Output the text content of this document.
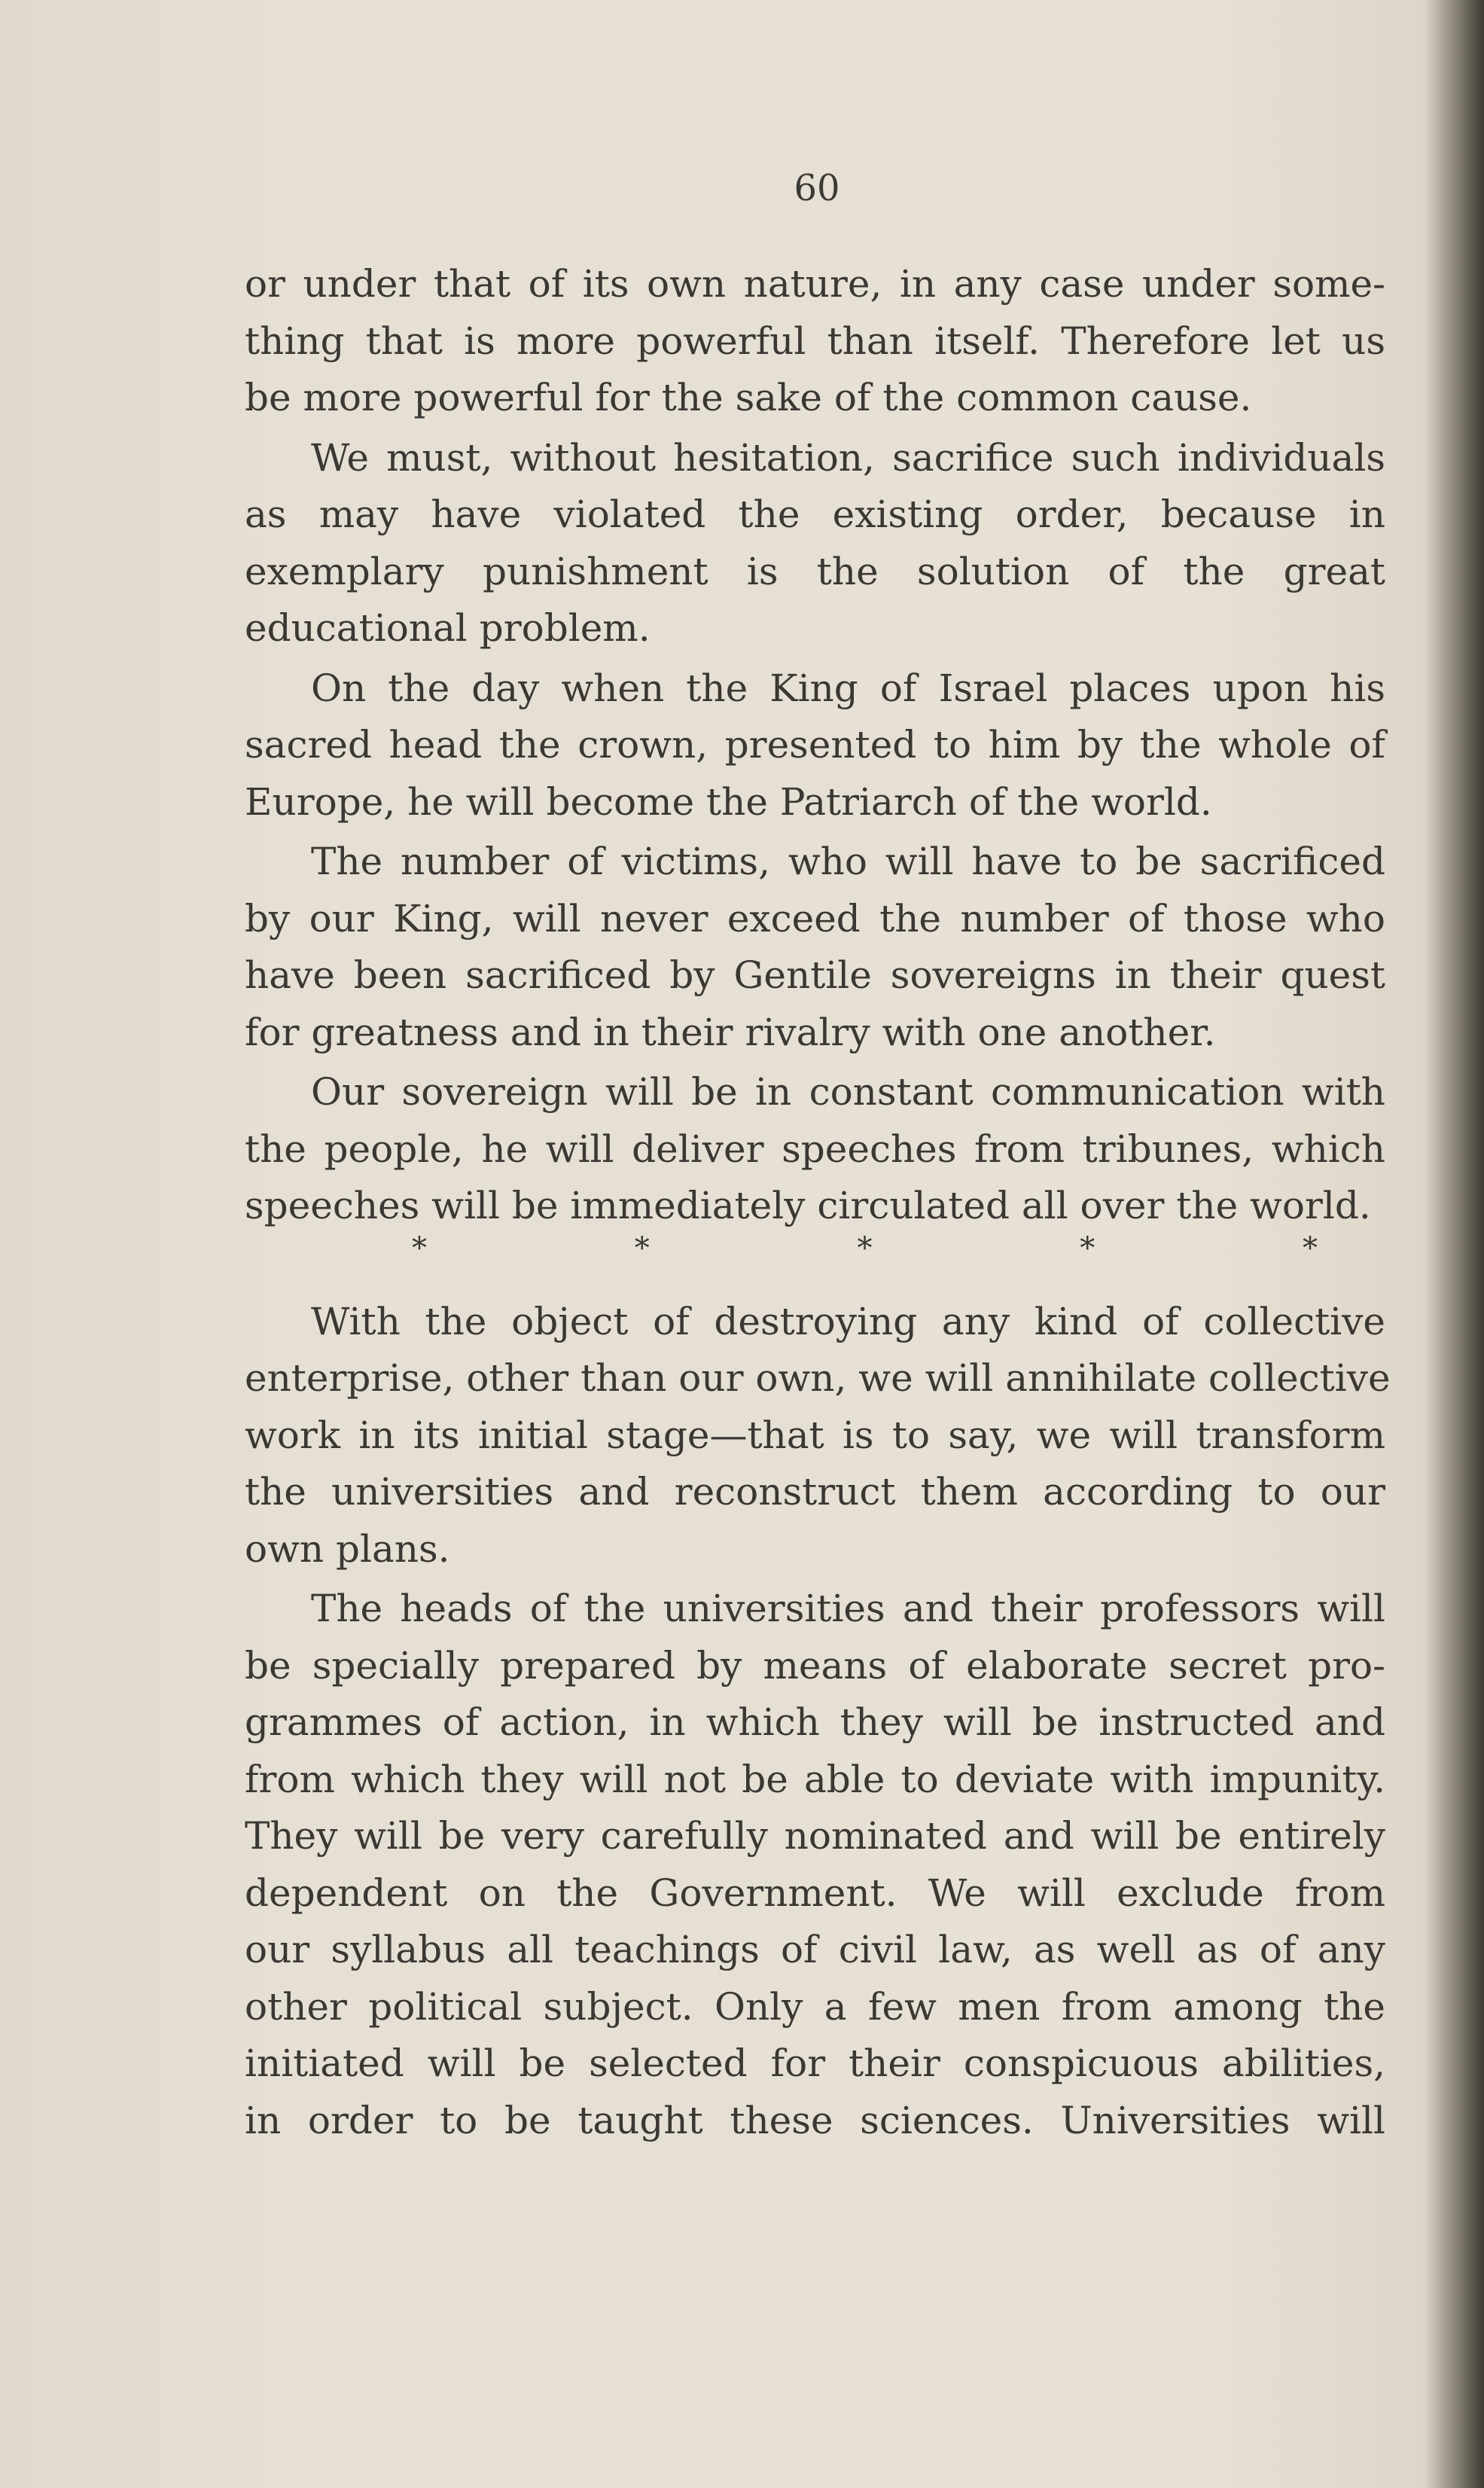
60
or under that of its own nature, in any case under some-
thing that is more powerful than itself. Therefore let us
be more powerful for the sake of the common cause.
We must, without hesitation, sacrifice such individuals
as may have violated the existing order, because in
exemplary punishment is the solution of the great
educational problem.
On the day when the King of Israel places upon his
sacred head the crown, presented to him by the whole of
Europe, he will become the Patriarch of the world.
The number of victims, who will have to be sacrificed
by our King, will never exceed the number of those who
have been sacrificed by Gentile sovereigns in their quest
for greatness and in their rivalry with one another.
Our sovereign will be in constant communication with
the people, he will deliver speeches from tribunes, which
speeches will be immediately circulated all over the world.
*	*	*	*	*
With the object of destroying any kind of collective
enterprise, other than our own, we will annihilate collective
work in its initial stage—that is to say, we will transform
the universities and reconstruct them according to our
own plans.
The heads of the universities and their professors will
be specially prepared by means of elaborate secret pro-
grammes of action, in which they will be instructed and
from which they will not be able to deviate with impunity.
They will be very carefully nominated and will be entirely
dependent on the Government. We will exclude from
our syllabus all teachings of civil law, as well as of any
other political subject. Only a few men from among the
initiated will be selected for their conspicuous abilities,
in order to be taught these sciences. Universities will
